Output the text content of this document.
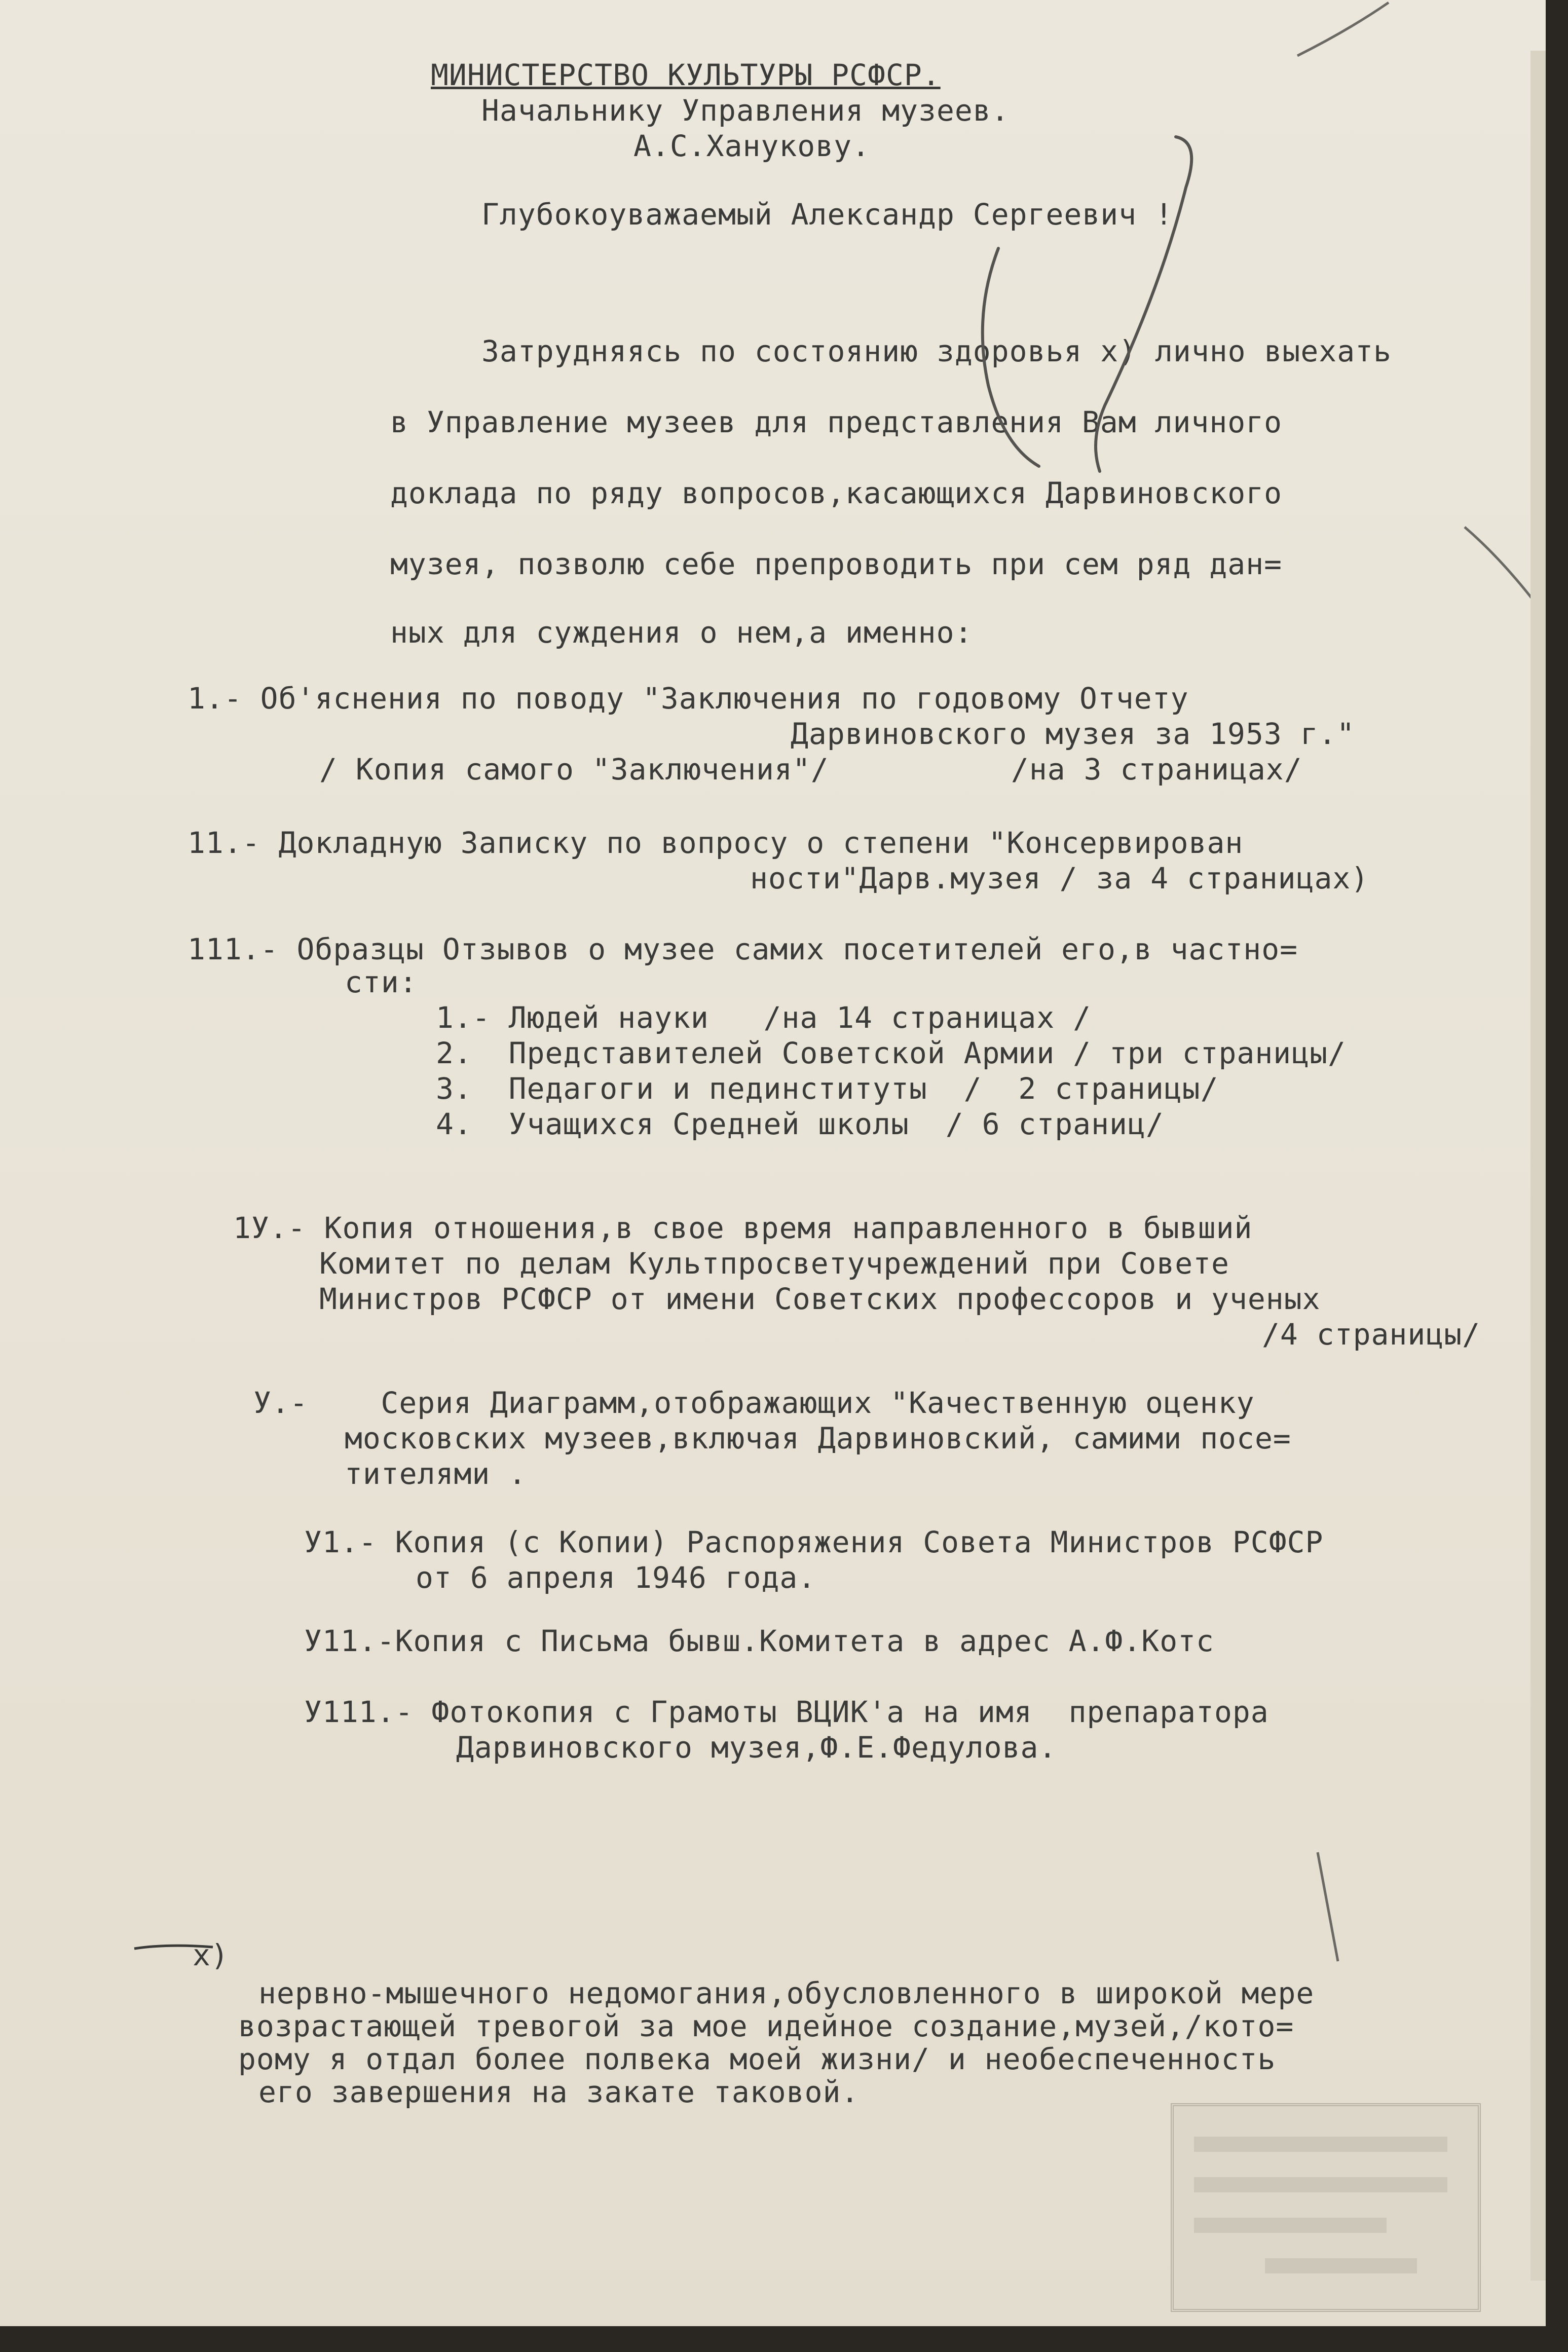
МИНИСТЕРСТВО КУЛЬТУРЫ РСФСР.

Начальнику Управления музеев.

А.С.Ханукову.

Глубокоуважаемый Александр Сергеевич !

Затрудняясь по состоянию здоровья x) лично выехать

в Управление музеев для представления Вам личного

доклада по ряду вопросов,касающихся Дарвиновского

музея, позволю себе препроводить при сем ряд дан=

ных для суждения о нем,а именно:

1.- Об'яснения по поводу "Заключения по годовому Отчету

Дарвиновского музея за 1953 г."

/ Копия самого "Заключения"/          /на 3 страницах/

11.- Докладную Записку по вопросу о степени "Консервирован

ности"Дарв.музея / за 4 страницах)

111.- Образцы Отзывов о музее самих посетителей его,в частно=

сти:

1.- Людей науки   /на 14 страницах /

2.  Представителей Советской Армии / три страницы/

3.  Педагоги и пединституты  /  2 страницы/

4.  Учащихся Средней школы  / 6 страниц/

1У.- Копия отношения,в свое время направленного в бывший

Комитет по делам Культпросветучреждений при Совете

Министров РСФСР от имени Советских профессоров и ученых

/4 страницы/

У.-    Серия Диаграмм,отображающих "Качественную оценку

московских музеев,включая Дарвиновский, самими посе=

тителями .

У1.- Копия (с Копии) Распоряжения Совета Министров РСФСР

от 6 апреля 1946 года.

У11.-Копия с Письма бывш.Комитета в адрес А.Ф.Котс

У111.- Фотокопия с Грамоты ВЦИК'а на имя  препаратора

Дарвиновского музея,Ф.Е.Федулова.

x)

нервно-мышечного недомогания,обусловленного в широкой мере

возрастающей тревогой за мое идейное создание,музей,/кото=

рому я отдал более полвека моей жизни/ и необеспеченность

его завершения на закате таковой.
